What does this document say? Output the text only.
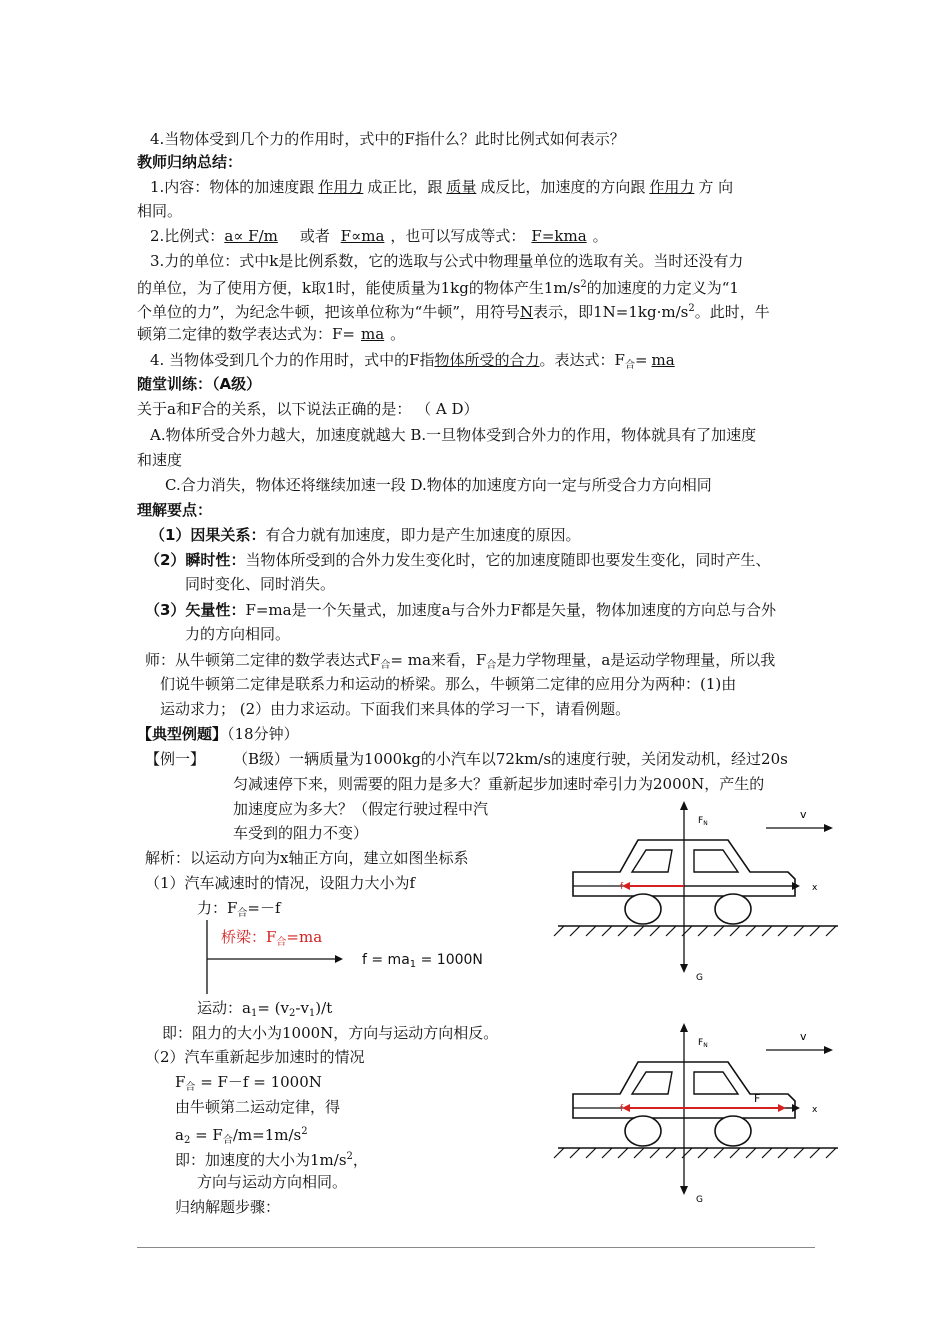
4.当物体受到几个力的作用时，式中的F指什么？此时比例式如何表示？
教师归纳总结：
1.内容：物体的加速度跟 作用力 成正比，跟 质量 成反比，加速度的方向跟 作用力 方 向
相同。
2.比例式：a∝ F/m 或者 F∝ma ，也可以写成等式： F=kma 。
3.力的单位：式中k是比例系数，它的选取与公式中物理量单位的选取有关。当时还没有力
的单位，为了使用方便，k取1时，能使质量为1kg的物体产生$1m/s^2$的加速度的力定义为“1
个单位的力”，为纪念牛顿，把该单位称为“牛顿”，用符号N表示，即$1N=1kg\cdot m/s^2$。此时，牛
顿第二定律的数学表达式为：F= ma 。
4. 当物体受到几个力的作用时，式中的F指物体所受的合力。表达式：$F_合=$ ma
随堂训练：（A级）
关于a和F合的关系，以下说法正确的是： （ A D）
A.物体所受合外力越大，加速度就越大 B.一旦物体受到合外力的作用，物体就具有了加速度
和速度
C.合力消失，物体还将继续加速一段 D.物体的加速度方向一定与所受合力方向相同
理解要点：
（1）因果关系：有合力就有加速度，即力是产生加速度的原因。
（2）瞬时性：当物体所受到的合外力发生变化时，它的加速度随即也要发生变化，同时产生、
同时变化、同时消失。
（3）矢量性：F=ma是一个矢量式，加速度a与合外力F都是矢量，物体加速度的方向总与合外
力的方向相同。
师：从牛顿第二定律的数学表达式$F_合=$ ma来看，$F_合$是力学物理量，a是运动学物理量，所以我
们说牛顿第二定律是联系力和运动的桥梁。那么，牛顿第二定律的应用分为两种：(1)由
运动求力； (2）由力求运动。下面我们来具体的学习一下，请看例题。
【典型例题】（18分钟）
【例一】 （B级）一辆质量为1000kg的小汽车以72km/s的速度行驶，关闭发动机，经过20s
匀减速停下来，则需要的阻力是多大？重新起步加速时牵引力为2000N，产生的
加速度应为多大？（假定行驶过程中汽
车受到的阻力不变）
解析：以运动方向为x轴正方向，建立如图坐标系
（1）汽车减速时的情况，设阻力大小为f
力：$F_合=-f$
桥梁：$F_合=ma$
$f = ma_1 = 1000N$
运动：$a_1= (v_2-v_1)/t$
即：阻力的大小为1000N，方向与运动方向相反。
（2）汽车重新起步加速时的情况
$F_合 = F-f = 1000N$
由牛顿第二运动定律，得
$a_2 = F_合/m=1m/s^2$
即：加速度的大小为$1m/s^2$，
方向与运动方向相同。
归纳解题步骤：
$F_N$
v
f	x
G
$F_N$
v
f
F
x
G
